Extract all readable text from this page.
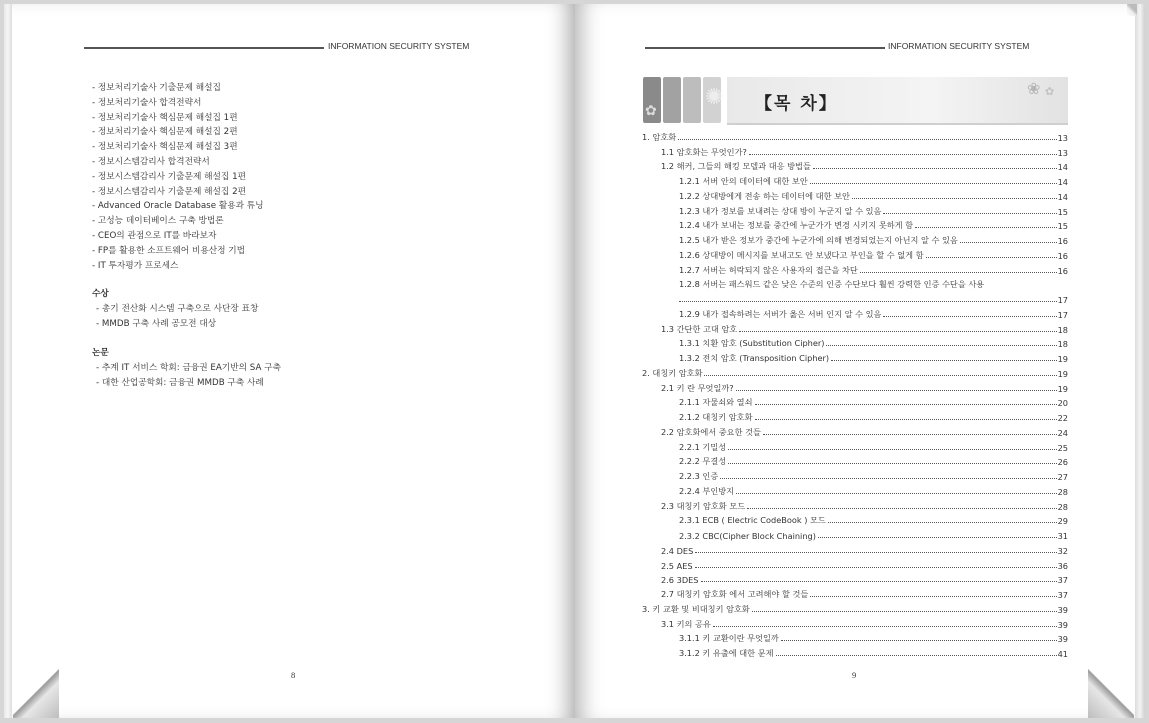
INFORMATION SECURITY SYSTEM
- 정보처리기술사 기출문제 해설집
- 정보처리기술사 합격전략서
- 정보처리기술사 핵심문제 해설집 1편
- 정보처리기술사 핵심문제 해설집 2편
- 정보처리기술사 핵심문제 해설집 3편
- 정보시스템감리사 합격전략서
- 정보시스템감리사 기출문제 해설집 1편
- 정보시스템감리사 기출문제 해설집 2편
- Advanced Oracle Database 활용과 튜닝
- 고성능 데이터베이스 구축 방법론
- CEO의 관점으로 IT를 바라보자
- FP를 활용한 소프트웨어 비용산정 기법
- IT 투자평가 프로세스
수상
- 총기 전산화 시스템 구축으로 사단장 표창
- MMDB 구축 사례 공모전 대상
논문
- 추계 IT 서비스 학회: 금융권 EA기반의 SA 구축
- 대한 산업공학회: 금융권 MMDB 구축 사례
8
INFORMATION SECURITY SYSTEM
✿
✺ 【목 차】
❀ ✿
1. 암호화	13
1.1 암호화는 무엇인가?	13
1.2 해커, 그들의 해킹 모델과 대응 방법들	14
1.2.1 서버 안의 데이터에 대한 보안	14
1.2.2 상대방에게 전송 하는 데이터에 대한 보안	14
1.2.3 내가 정보를 보내려는 상대 방이 누군지 알 수 있음	15
1.2.4 내가 보내는 정보를 중간에 누군가가 변경 시키지 못하게 함	15
1.2.5 내가 받은 정보가 중간에 누군가에 의해 변경되었는지 아닌지 알 수 있음	16
1.2.6 상대방이 메시지를 보내고도 안 보냈다고 부인을 할 수 없게 함	16
1.2.7 서버는 허락되지 않은 사용자의 접근을 차단	16
1.2.8 서버는 패스워드 같은 낮은 수준의 인증 수단보다 훨씬 강력한 인증 수단을 사용
17
1.2.9 내가 접속하려는 서버가 옳은 서버 인지 알 수 있음	17
1.3 간단한 고대 암호	18
1.3.1 치환 암호 (Substitution Cipher)	18
1.3.2 전치 암호 (Transposition Cipher)	19
2. 대칭키 암호화	19
2.1 키 란 무엇일까?	19
2.1.1 자물쇠와 열쇠	20
2.1.2 대칭키 암호화	22
2.2 암호화에서 중요한 것들	24
2.2.1 기밀성	25
2.2.2 무결성	26
2.2.3 인증	27
2.2.4 부인방지	28
2.3 대칭키 암호화 모드	28
2.3.1 ECB ( Electric CodeBook ) 모드	29
2.3.2 CBC(Cipher Block Chaining)	31
2.4 DES	32
2.5 AES	36
2.6 3DES	37
2.7 대칭키 암호화 에서 고려해야 할 것들	37
3. 키 교환 및 비대칭키 암호화	39
3.1 키의 공유	39
3.1.1 키 교환이란 무엇일까	39
3.1.2 키 유출에 대한 문제	41
9
